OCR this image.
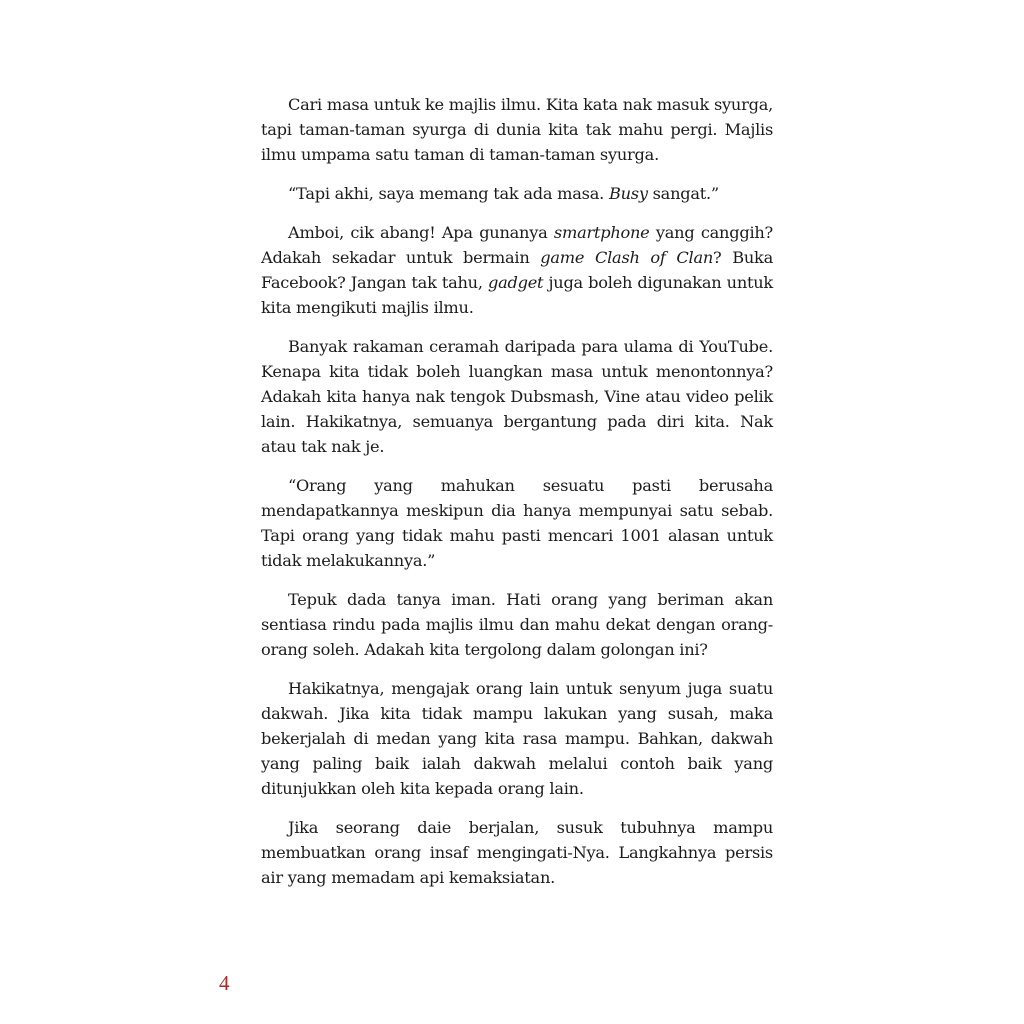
Cari masa untuk ke majlis ilmu. Kita kata nak masuk syurga, tapi taman-taman syurga di dunia kita tak mahu pergi. Majlis ilmu umpama satu taman di taman-taman syurga.

“Tapi akhi, saya memang tak ada masa. Busy sangat.”

Amboi, cik abang! Apa gunanya smartphone yang canggih? Adakah sekadar untuk bermain game Clash of Clan? Buka Facebook? Jangan tak tahu, gadget juga boleh digunakan untuk kita mengikuti majlis ilmu.

Banyak rakaman ceramah daripada para ulama di YouTube. Kenapa kita tidak boleh luangkan masa untuk menontonnya? Adakah kita hanya nak tengok Dubsmash, Vine atau video pelik lain. Hakikatnya, semuanya bergantung pada diri kita. Nak atau tak nak je.

“Orang yang mahukan sesuatu pasti berusaha mendapatkannya meskipun dia hanya mempunyai satu sebab. Tapi orang yang tidak mahu pasti mencari 1001 alasan untuk tidak melakukannya.”

Tepuk dada tanya iman. Hati orang yang beriman akan sentiasa rindu pada majlis ilmu dan mahu dekat dengan orang-orang soleh. Adakah kita tergolong dalam golongan ini?

Hakikatnya, mengajak orang lain untuk senyum juga suatu dakwah. Jika kita tidak mampu lakukan yang susah, maka bekerjalah di medan yang kita rasa mampu. Bahkan, dakwah yang paling baik ialah dakwah melalui contoh baik yang ditunjukkan oleh kita kepada orang lain.

Jika seorang daie berjalan, susuk tubuhnya mampu membuatkan orang insaf mengingati-Nya. Langkahnya persis air yang memadam api kemaksiatan.

4
